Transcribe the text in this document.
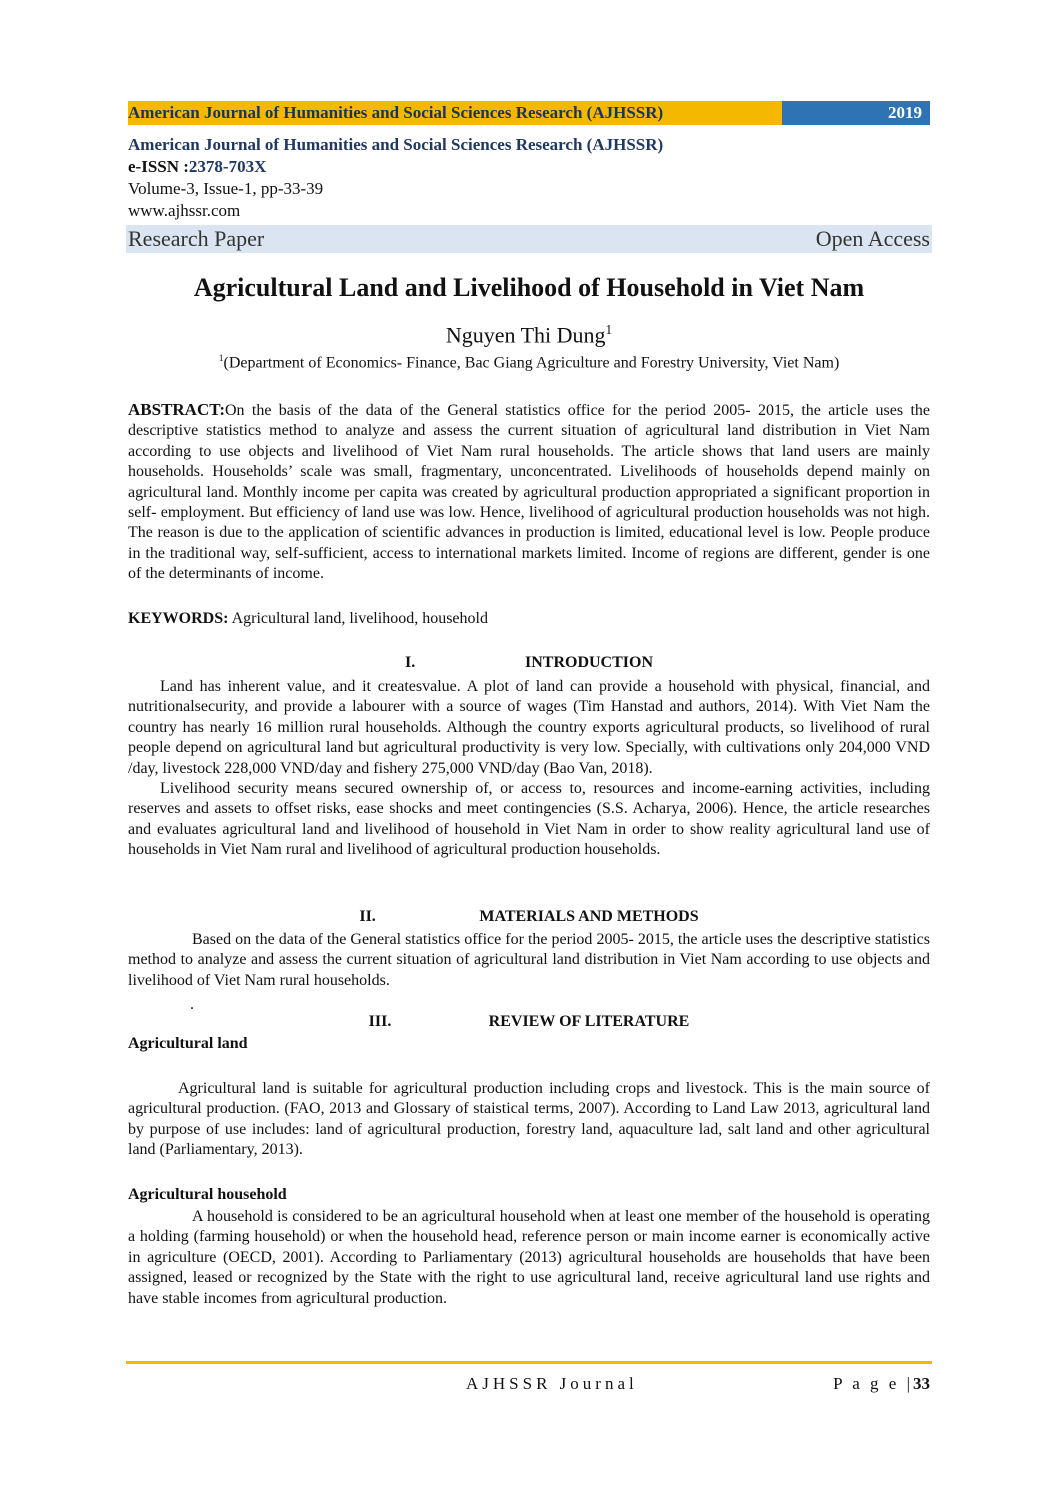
American Journal of Humanities and Social Sciences Research (AJHSSR)	2019
American Journal of Humanities and Social Sciences Research (AJHSSR)
e-ISSN :2378-703X
Volume-3, Issue-1, pp-33-39
www.ajhssr.com
Research Paper	Open Access
Agricultural Land and Livelihood of Household in Viet Nam
Nguyen Thi Dung$^1$
$^1$(Department of Economics- Finance, Bac Giang Agriculture and Forestry University, Viet Nam)

ABSTRACT:On the basis of the data of the General statistics office for the period 2005- 2015, the article uses the descriptive statistics method to analyze and assess the current situation of agricultural land distribution in Viet Nam according to use objects and livelihood of Viet Nam rural households. The article shows that land users are mainly households. Households’ scale was small, fragmentary, unconcentrated. Livelihoods of households depend mainly on agricultural land. Monthly income per capita was created by agricultural production appropriated a significant proportion in self- employment. But efficiency of land use was low. Hence, livelihood of agricultural production households was not high. The reason is due to the application of scientific advances in production is limited, educational level is low. People produce in the traditional way, self-sufficient, access to international markets limited. Income of regions are different, gender is one of the determinants of income.

KEYWORDS: Agricultural land, livelihood, household

I.	INTRODUCTION

Land has inherent value, and it createsvalue. A plot of land can provide a household with physical, financial, and nutritionalsecurity, and provide a labourer with a source of wages (Tim Hanstad and authors, 2014). With Viet Nam the country has nearly 16 million rural households. Although the country exports agricultural products, so livelihood of rural people depend on agricultural land but agricultural productivity is very low. Specially, with cultivations only 204,000 VND /day, livestock 228,000 VND/day and fishery 275,000 VND/day (Bao Van, 2018).

Livelihood security means secured ownership of, or access to, resources and income-earning activities, including reserves and assets to offset risks, ease shocks and meet contingencies (S.S. Acharya, 2006). Hence, the article researches and evaluates agricultural land and livelihood of household in Viet Nam in order to show reality agricultural land use of households in Viet Nam rural and livelihood of agricultural production households.

II.	MATERIALS AND METHODS

Based on the data of the General statistics office for the period 2005- 2015, the article uses the descriptive statistics method to analyze and assess the current situation of agricultural land distribution in Viet Nam according to use objects and livelihood of Viet Nam rural households.

.
III.	REVIEW OF LITERATURE
Agricultural land

Agricultural land is suitable for agricultural production including crops and livestock. This is the main source of agricultural production. (FAO, 2013 and Glossary of staistical terms, 2007). According to Land Law 2013, agricultural land by purpose of use includes: land of agricultural production, forestry land, aquaculture lad, salt land and other agricultural land (Parliamentary, 2013).

Agricultural household

A household is considered to be an agricultural household when at least one member of the household is operating a holding (farming household) or when the household head, reference person or main income earner is economically active in agriculture (OECD, 2001). According to Parliamentary (2013) agricultural households are households that have been assigned, leased or recognized by the State with the right to use agricultural land, receive agricultural land use rights and have stable incomes from agricultural production.

AJHSSR Journal	P a g e |33
